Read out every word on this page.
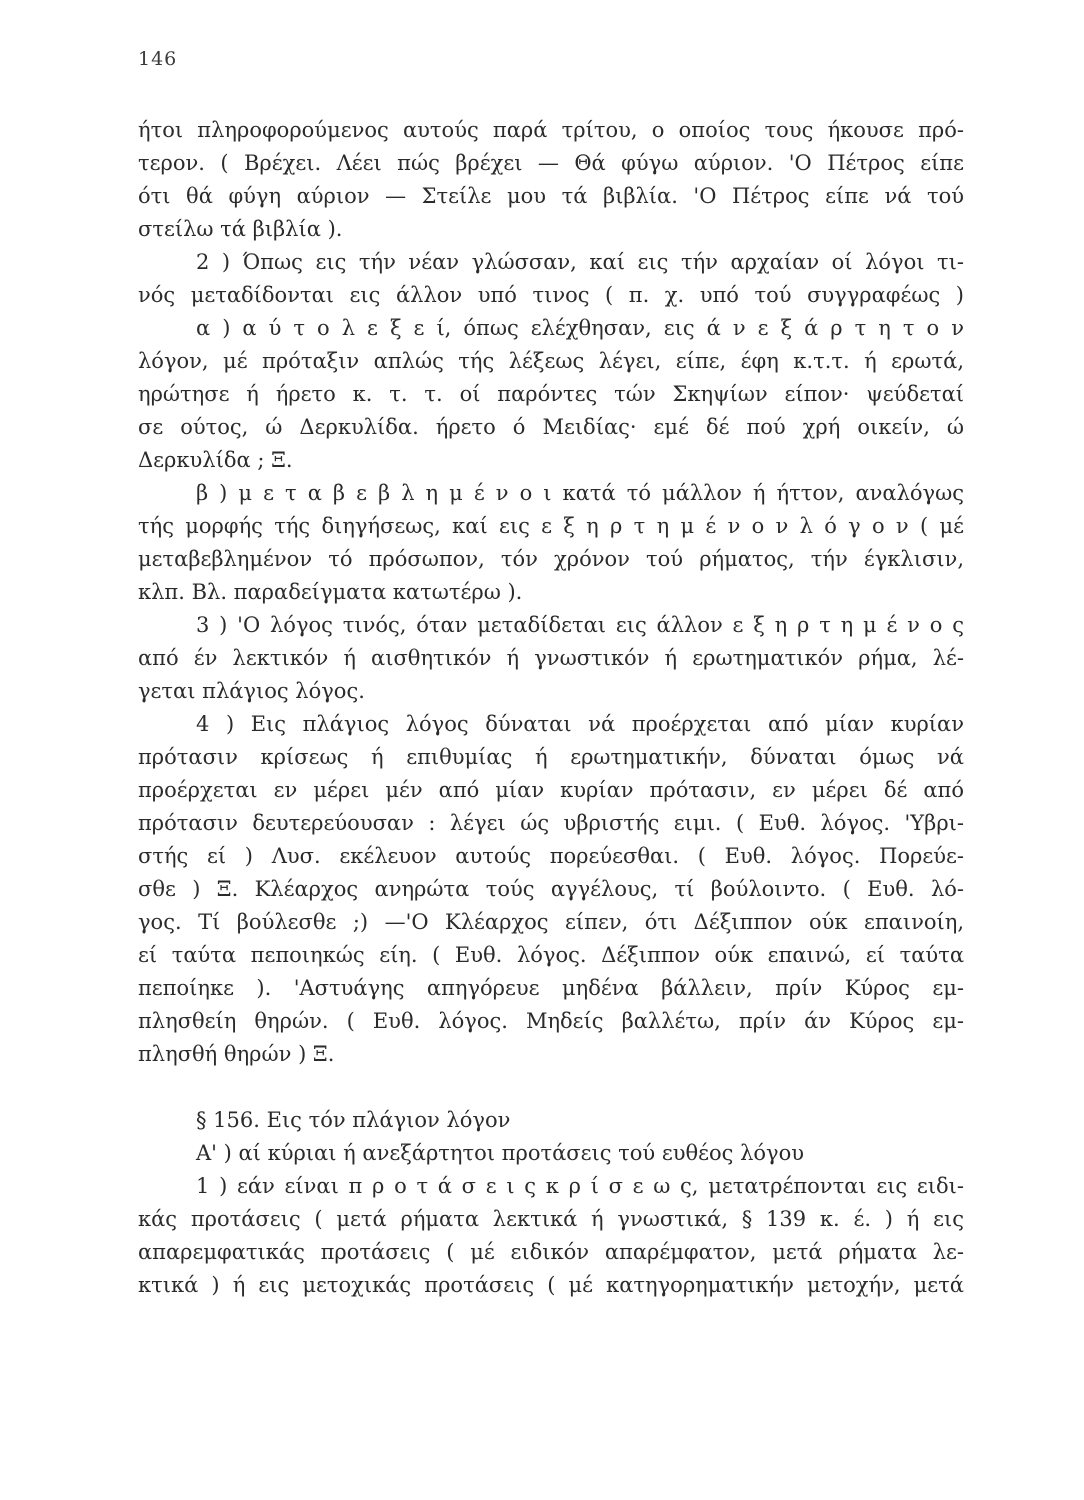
146
ήτοι πληροφορούμενος αυτούς παρά τρίτου, ο οποίος τους ήκουσε πρό-
τερον. ( Βρέχει. Λέει πώς βρέχει — Θά φύγω αύριον. 'Ο Πέτρος είπε
ότι θά φύγη αύριον — Στείλε μου τά βιβλία. 'Ο Πέτρος είπε νά τού
στείλω τά βιβλία ).
2 ) Όπως εις τήν νέαν γλώσσαν, καί εις τήν αρχαίαν οί λόγοι τι-
νός μεταδίδονται εις άλλον υπό τινος ( π. χ. υπό τού συγγραφέως )
α ) α ύ τ ο λ ε ξ ε ί, όπως ελέχθησαν, εις ά ν ε ξ ά ρ τ η τ ο ν
λόγον, μέ πρόταξιν απλώς τής λέξεως λέγει, είπε, έφη κ.τ.τ. ή ερωτά,
ηρώτησε ή ήρετο κ. τ. τ. οί παρόντες τών Σκηψίων είπον· ψεύδεταί
σε ούτος, ώ Δερκυλίδα. ήρετο ό Μειδίας· εμέ δέ πού χρή οικείν, ώ
Δερκυλίδα ; Ξ.
β ) μ ε τ α β ε β λ η μ έ ν ο ι κατά τό μάλλον ή ήττον, αναλόγως
τής μορφής τής διηγήσεως, καί εις ε ξ η ρ τ η μ έ ν ο ν λ ό γ ο ν ( μέ
μεταβεβλημένον τό πρόσωπον, τόν χρόνον τού ρήματος, τήν έγκλισιν,
κλπ. Βλ. παραδείγματα κατωτέρω ).
3 ) 'Ο λόγος τινός, όταν μεταδίδεται εις άλλον ε ξ η ρ τ η μ έ ν ο ς
από έν λεκτικόν ή αισθητικόν ή γνωστικόν ή ερωτηματικόν ρήμα, λέ-
γεται πλάγιος λόγος.
4 ) Εις πλάγιος λόγος δύναται νά προέρχεται από μίαν κυρίαν
πρότασιν κρίσεως ή επιθυμίας ή ερωτηματικήν, δύναται όμως νά
προέρχεται εν μέρει μέν από μίαν κυρίαν πρότασιν, εν μέρει δέ από
πρότασιν δευτερεύουσαν : λέγει ώς υβριστής ειμι. ( Ευθ. λόγος. 'Υβρι-
στής εί ) Λυσ. εκέλευον αυτούς πορεύεσθαι. ( Ευθ. λόγος. Πορεύε-
σθε ) Ξ. Κλέαρχος ανηρώτα τούς αγγέλους, τί βούλοιντο. ( Ευθ. λό-
γος. Τί βούλεσθε ;) —'Ο Κλέαρχος είπεν, ότι Δέξιππον ούκ επαινοίη,
εί ταύτα πεποιηκώς είη. ( Ευθ. λόγος. Δέξιππον ούκ επαινώ, εί ταύτα
πεποίηκε ). 'Αστυάγης απηγόρευε μηδένα βάλλειν, πρίν Κύρος εμ-
πλησθείη θηρών. ( Ευθ. λόγος. Μηδείς βαλλέτω, πρίν άν Κύρος εμ-
πλησθή θηρών ) Ξ.
§ 156. Εις τόν πλάγιον λόγον
Α' ) αί κύριαι ή ανεξάρτητοι προτάσεις τού ευθέος λόγου
1 ) εάν είναι π ρ ο τ ά σ ε ι ς κ ρ ί σ ε ω ς, μετατρέπονται εις ειδι-
κάς προτάσεις ( μετά ρήματα λεκτικά ή γνωστικά, § 139 κ. έ. ) ή εις
απαρεμφατικάς προτάσεις ( μέ ειδικόν απαρέμφατον, μετά ρήματα λε-
κτικά ) ή εις μετοχικάς προτάσεις ( μέ κατηγορηματικήν μετοχήν, μετά
